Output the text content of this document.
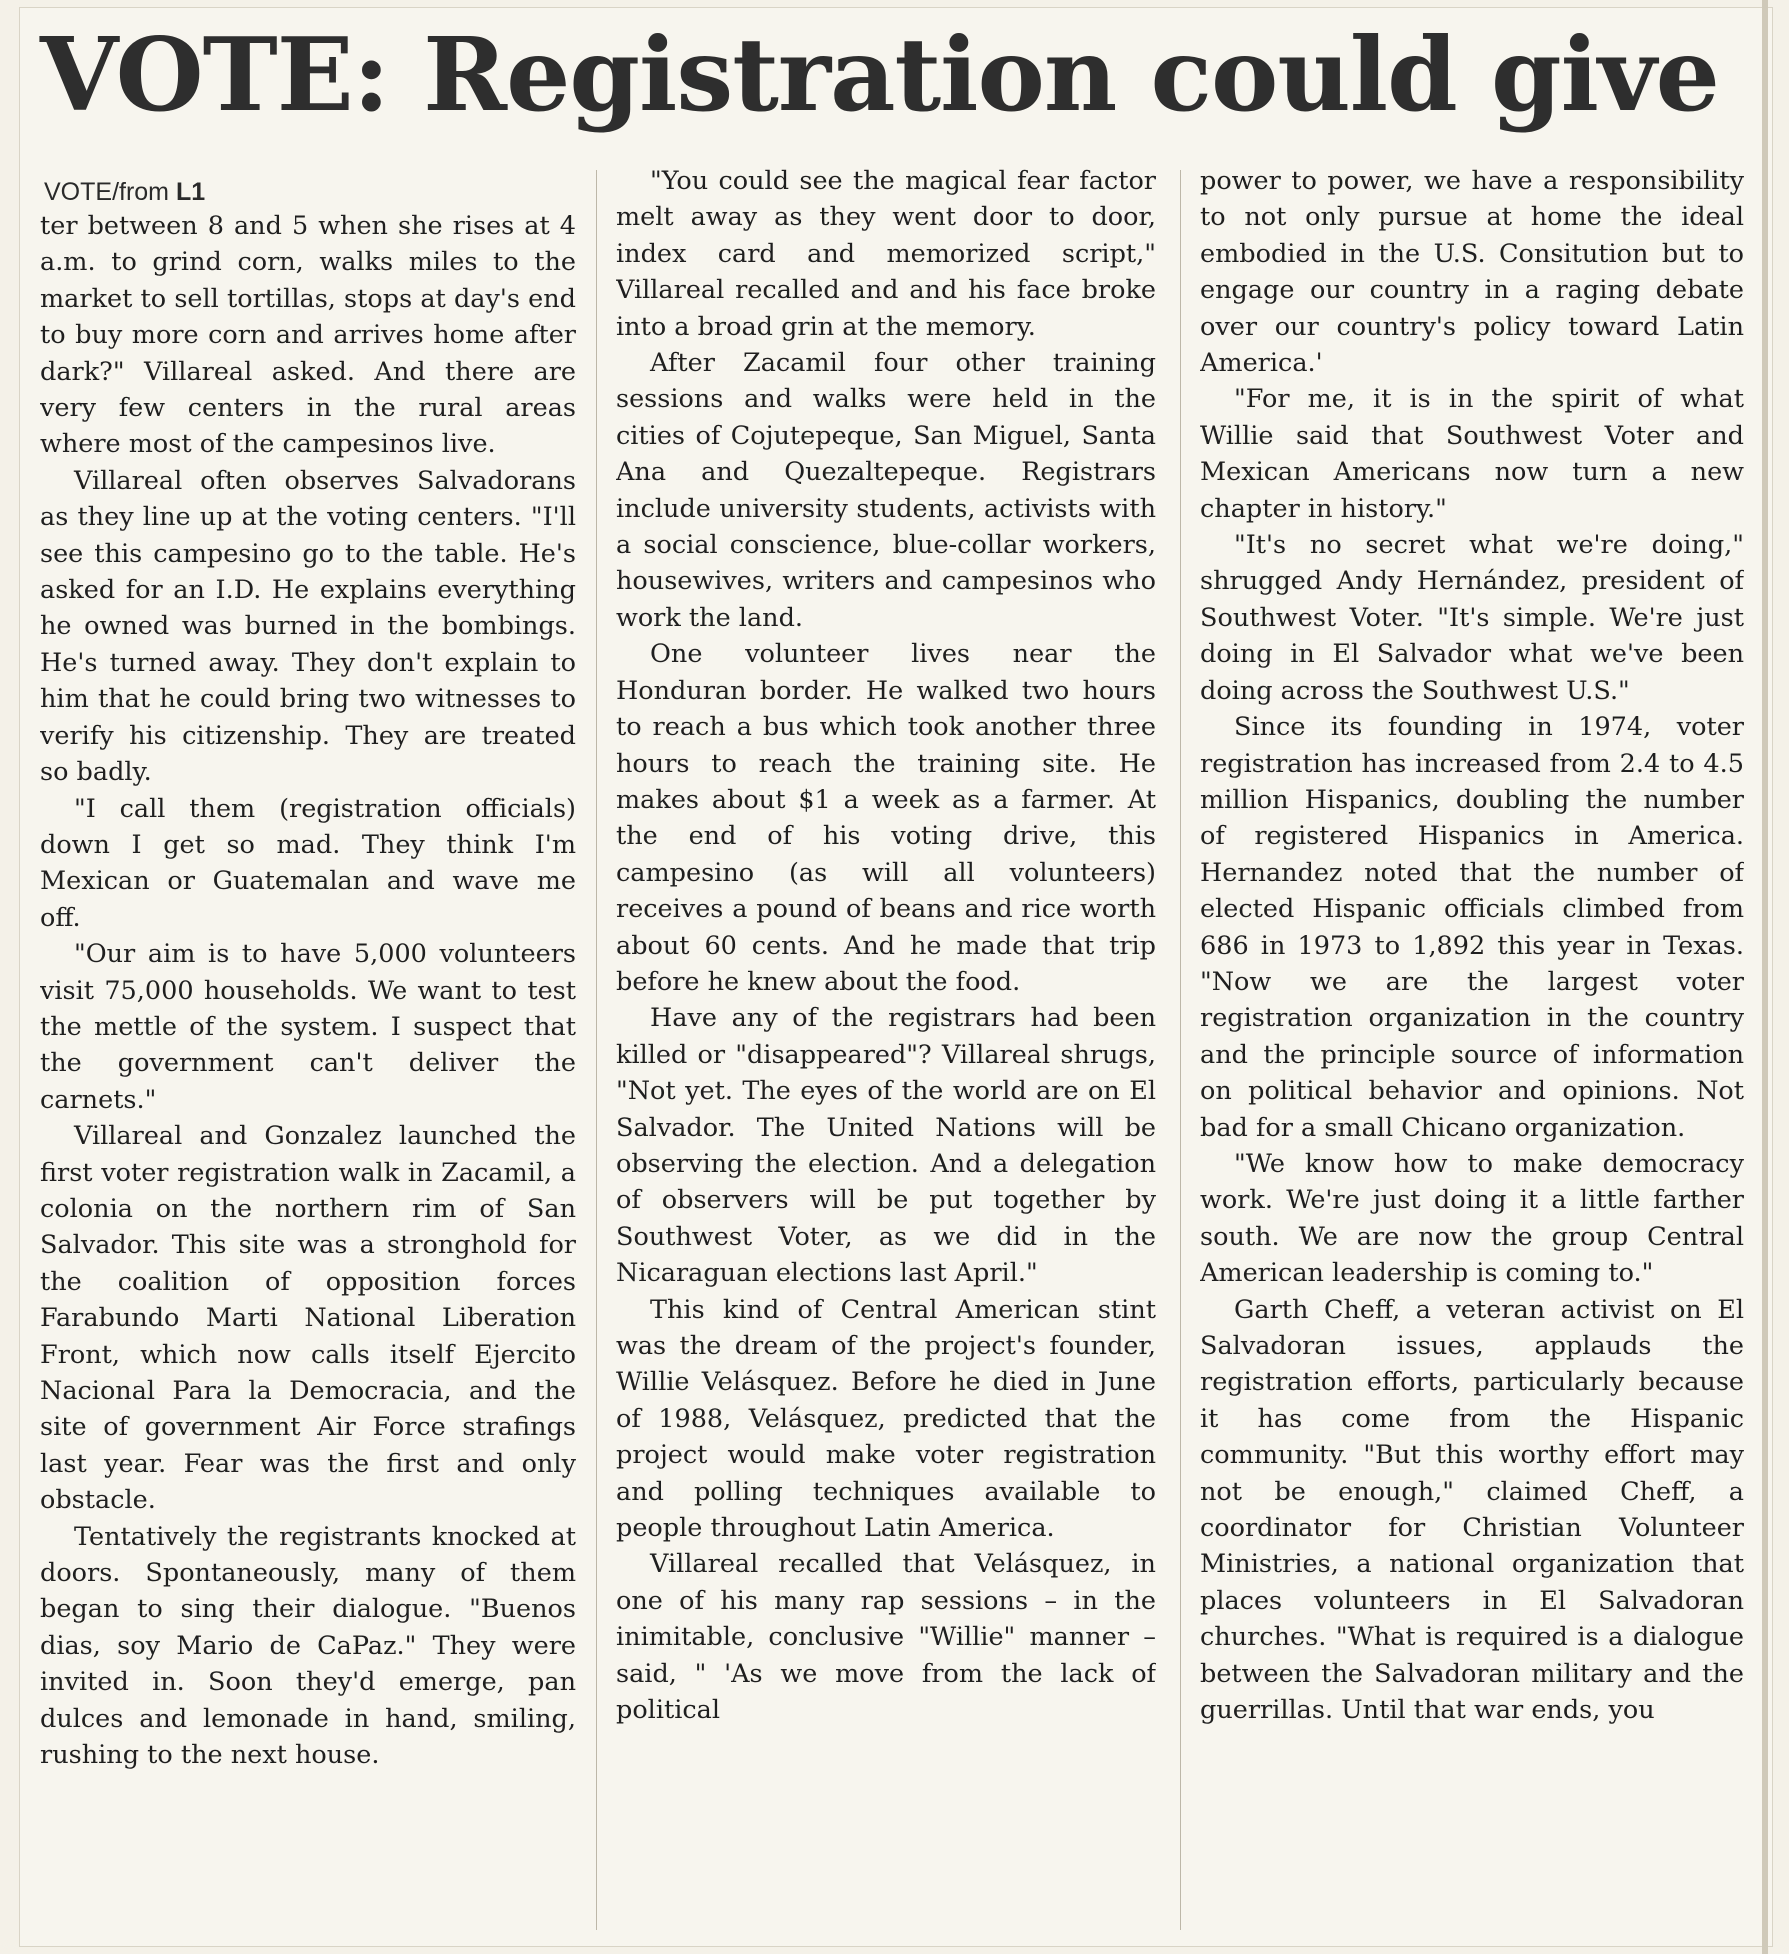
VOTE: Registration could give
VOTE/from L1

ter between 8 and 5 when she rises at 4 a.m. to grind corn, walks miles to the market to sell tortillas, stops at day's end to buy more corn and arrives home after dark?" Villareal asked. And there are very few centers in the rural areas where most of the campesinos live.

Villareal often observes Salvadorans as they line up at the voting centers. "I'll see this campesino go to the table. He's asked for an I.D. He explains everything he owned was burned in the bombings. He's turned away. They don't explain to him that he could bring two witnesses to verify his citizenship. They are treated so badly.

"I call them (registration officials) down I get so mad. They think I'm Mexican or Guatemalan and wave me off.

"Our aim is to have 5,000 volunteers visit 75,000 households. We want to test the mettle of the system. I suspect that the government can't deliver the carnets."

Villareal and Gonzalez launched the first voter registration walk in Zacamil, a colonia on the northern rim of San Salvador. This site was a stronghold for the coalition of opposition forces Farabundo Marti National Liberation Front, which now calls itself Ejercito Nacional Para la Democracia, and the site of government Air Force strafings last year. Fear was the first and only obstacle.

Tentatively the registrants knocked at doors. Spontaneously, many of them began to sing their dialogue. "Buenos dias, soy Mario de CaPaz." They were invited in. Soon they'd emerge, pan dulces and lemonade in hand, smiling, rushing to the next house.

"You could see the magical fear factor melt away as they went door to door, index card and memorized script," Villareal recalled and and his face broke into a broad grin at the memory.

After Zacamil four other training sessions and walks were held in the cities of Cojutepeque, San Miguel, Santa Ana and Quezaltepeque. Registrars include university students, activists with a social conscience, blue-collar workers, housewives, writers and campesinos who work the land.

One volunteer lives near the Honduran border. He walked two hours to reach a bus which took another three hours to reach the training site. He makes about $1 a week as a farmer. At the end of his voting drive, this campesino (as will all volunteers) receives a pound of beans and rice worth about 60 cents. And he made that trip before he knew about the food.

Have any of the registrars had been killed or "disappeared"? Villareal shrugs, "Not yet. The eyes of the world are on El Salvador. The United Nations will be observing the election. And a delegation of observers will be put together by Southwest Voter, as we did in the Nicaraguan elections last April."

This kind of Central American stint was the dream of the project's founder, Willie Velásquez. Before he died in June of 1988, Velásquez, predicted that the project would make voter registration and polling techniques available to people throughout Latin America.

Villareal recalled that Velásquez, in one of his many rap sessions – in the inimitable, conclusive "Willie" manner – said, " 'As we move from the lack of political

power to power, we have a responsibility to not only pursue at home the ideal embodied in the U.S. Consitution but to engage our country in a raging debate over our country's policy toward Latin America.'

"For me, it is in the spirit of what Willie said that Southwest Voter and Mexican Americans now turn a new chapter in history."

"It's no secret what we're doing," shrugged Andy Hernández, president of Southwest Voter. "It's simple. We're just doing in El Salvador what we've been doing across the Southwest U.S."

Since its founding in 1974, voter registration has increased from 2.4 to 4.5 million Hispanics, doubling the number of registered Hispanics in America. Hernandez noted that the number of elected Hispanic officials climbed from 686 in 1973 to 1,892 this year in Texas. "Now we are the largest voter registration organization in the country and the principle source of information on political behavior and opinions. Not bad for a small Chicano organization.

"We know how to make democracy work. We're just doing it a little farther south. We are now the group Central American leadership is coming to."

Garth Cheff, a veteran activist on El Salvadoran issues, applauds the registration efforts, particularly because it has come from the Hispanic community. "But this worthy effort may not be enough," claimed Cheff, a coordinator for Christian Volunteer Ministries, a national organization that places volunteers in El Salvadoran churches. "What is required is a dialogue between the Salvadoran military and the guerrillas. Until that war ends, you
